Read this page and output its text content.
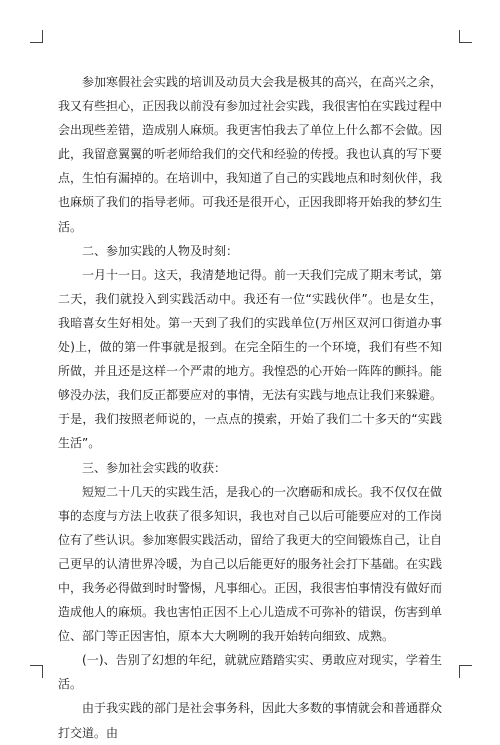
参加寒假社会实践的培训及动员大会我是极其的高兴，在高兴之余，我又有些担心，正因我以前没有参加过社会实践，我很害怕在实践过程中会出现些差错，造成别人麻烦。我更害怕我去了单位上什么都不会做。因此，我留意翼翼的听老师给我们的交代和经验的传授。我也认真的写下要点，生怕有漏掉的。在培训中，我知道了自己的实践地点和时刻伙伴，我也麻烦了我们的指导老师。可我还是很开心，正因我即将开始我的梦幻生活。

二、参加实践的人物及时刻：

一月十一日。这天，我清楚地记得。前一天我们完成了期末考试，第二天，我们就投入到实践活动中。我还有一位“实践伙伴”。也是女生，我暗喜女生好相处。第一天到了我们的实践单位(万州区双河口街道办事处)上，做的第一件事就是报到。在完全陌生的一个环境，我们有些不知所做，并且还是这样一个严肃的地方。我惶恐的心开始一阵阵的颤抖。能够没办法，我们反正都要应对的事情，无法有实践与地点让我们来躲避。于是，我们按照老师说的，一点点的摸索，开始了我们二十多天的“实践生活”。

三、参加社会实践的收获：

短短二十几天的实践生活，是我心的一次磨砺和成长。我不仅仅在做事的态度与方法上收获了很多知识，我也对自己以后可能要应对的工作岗位有了些认识。参加寒假实践活动，留给了我更大的空间锻炼自己，让自己更早的认清世界冷暖，为自己以后能更好的服务社会打下基础。在实践中，我务必得做到时时警惕，凡事细心。正因，我很害怕事情没有做好而造成他人的麻烦。我也害怕正因不上心儿造成不可弥补的错误，伤害到单位、部门等正因害怕，原本大大咧咧的我开始转向细致、成熟。

(一)、告别了幻想的年纪，就就应踏踏实实、勇敢应对现实，学着生活。

由于我实践的部门是社会事务科，因此大多数的事情就会和普通群众打交道。由
